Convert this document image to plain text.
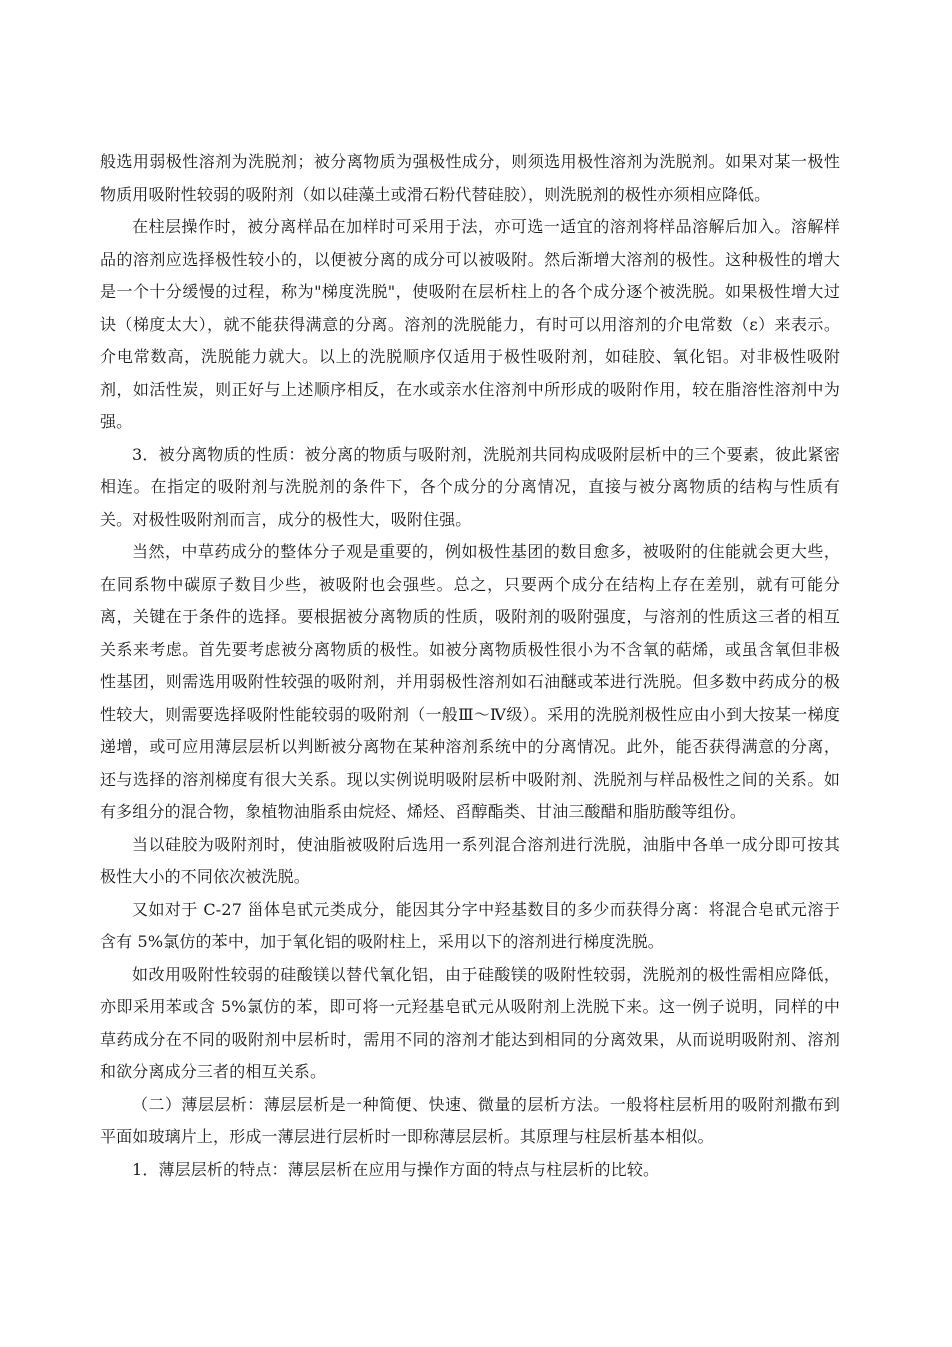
般选用弱极性溶剂为洗脱剂；被分离物质为强极性成分，则须选用极性溶剂为洗脱剂。如果对某一极性物质用吸附性较弱的吸附剂（如以硅藻土或滑石粉代替硅胶），则洗脱剂的极性亦须相应降低。

在柱层操作时，被分离样品在加样时可采用于法，亦可选一适宜的溶剂将样品溶解后加入。溶解样品的溶剂应选择极性较小的，以便被分离的成分可以被吸附。然后渐增大溶剂的极性。这种极性的增大是一个十分缓慢的过程，称为"梯度洗脱"，使吸附在层析柱上的各个成分逐个被洗脱。如果极性增大过诀（梯度太大），就不能获得满意的分离。溶剂的洗脱能力，有时可以用溶剂的介电常数（ε）来表示。介电常数高，洗脱能力就大。以上的洗脱顺序仅适用于极性吸附剂，如硅胶、氧化铝。对非极性吸附剂，如活性炭，则正好与上述顺序相反，在水或亲水住溶剂中所形成的吸附作用，较在脂溶性溶剂中为强。

3．被分离物质的性质：被分离的物质与吸附剂，洗脱剂共同构成吸附层析中的三个要素，彼此紧密相连。在指定的吸附剂与洗脱剂的条件下，各个成分的分离情况，直接与被分离物质的结构与性质有关。对极性吸附剂而言，成分的极性大，吸附住强。

当然，中草药成分的整体分子观是重要的，例如极性基团的数目愈多，被吸附的住能就会更大些，在同系物中碳原子数目少些，被吸附也会强些。总之，只要两个成分在结构上存在差别，就有可能分离，关键在于条件的选择。要根据被分离物质的性质，吸附剂的吸附强度，与溶剂的性质这三者的相互关系来考虑。首先要考虑被分离物质的极性。如被分离物质极性很小为不含氧的萜烯，或虽含氧但非极性基团，则需选用吸附性较强的吸附剂，并用弱极性溶剂如石油醚或苯进行洗脱。但多数中药成分的极性较大，则需要选择吸附性能较弱的吸附剂（一般Ⅲ～Ⅳ级）。采用的洗脱剂极性应由小到大按某一梯度递增，或可应用薄层层析以判断被分离物在某种溶剂系统中的分离情况。此外，能否获得满意的分离，还与选择的溶剂梯度有很大关系。现以实例说明吸附层析中吸附剂、洗脱剂与样品极性之间的关系。如有多组分的混合物，象植物油脂系由烷烃、烯烃、舀醇酯类、甘油三酸醋和脂肪酸等组份。

当以硅胶为吸附剂时，使油脂被吸附后选用一系列混合溶剂进行洗脱，油脂中各单一成分即可按其极性大小的不同依次被洗脱。

又如对于 C-27 甾体皂甙元类成分，能因其分字中羟基数目的多少而获得分离：将混合皂甙元溶于含有 5%氯仿的苯中，加于氧化铝的吸附柱上，采用以下的溶剂进行梯度洗脱。

如改用吸附性较弱的硅酸镁以替代氧化铝，由于硅酸镁的吸附性较弱，洗脱剂的极性需相应降低，亦即采用苯或含 5%氯仿的苯，即可将一元羟基皂甙元从吸附剂上洗脱下来。这一例子说明，同样的中草药成分在不同的吸附剂中层析时，需用不同的溶剂才能达到相同的分离效果，从而说明吸附剂、溶剂和欲分离成分三者的相互关系。

（二）薄层层析：薄层层析是一种简便、快速、微量的层析方法。一般将柱层析用的吸附剂撒布到平面如玻璃片上，形成一薄层进行层析时一即称薄层层析。其原理与柱层析基本相似。

1．薄层层析的特点：薄层层析在应用与操作方面的特点与柱层析的比较。
